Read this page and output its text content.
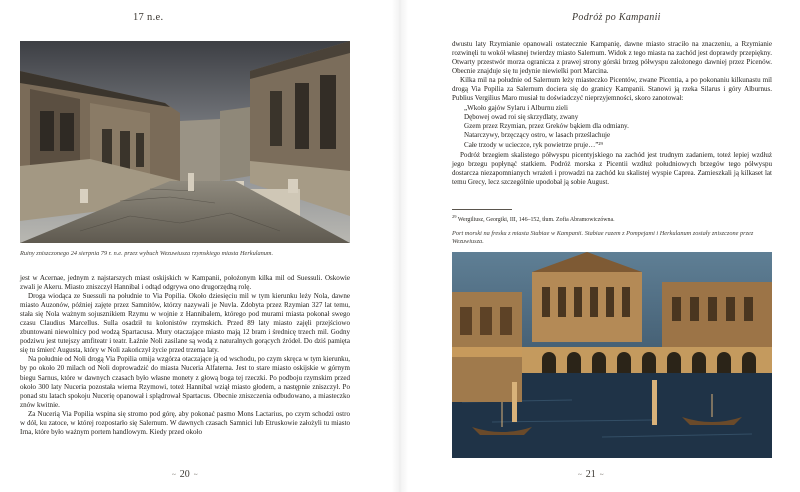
17 n.e.
Ruiny zniszczonego 24 sierpnia 79 r. n.e. przez wybuch Wezuwiusza rzymskiego miasta Herkulanum.

jest w Acernae, jednym z najstarszych miast oskijskich w Kampanii, położonym kilka mil od Suessuli. Oskowie zwali je Akeru. Miasto zniszczył Hannibal i odtąd odgrywa ono drugorzędną rolę.

Droga wiodąca ze Suessuli na południe to Via Popilia. Około dziesięciu mil w tym kierunku leży Nola, dawne miasto Auzonów, później zajęte przez Samnitów, którzy nazywali je Nuvla. Zdobyta przez Rzymian 327 lat temu, stała się Nola ważnym sojusznikiem Rzymu w wojnie z Hannibalem, którego pod murami miasta pokonał swego czasu Claudius Marcellus. Sulla osadził tu kolonistów rzymskich. Przed 89 laty miasto zajęli przejściowo zbuntowani niewolnicy pod wodzą Spartacusa. Mury otaczające miasto mają 12 bram i średnicę trzech mil. Godny podziwu jest tutejszy amfiteatr i teatr. Łaźnie Noli zasilane są wodą z naturalnych gorących źródeł. Do dziś pamięta się tu śmierć Augusta, który w Noli zakończył życie przed trzema laty.

Na południe od Noli drogą Via Popilia omija wzgórza otaczające ją od wschodu, po czym skręca w tym kierunku, by po około 20 milach od Noli doprowadzić do miasta Nuceria Alfaterna. Jest to stare miasto oskijskie w górnym biegu Sarnus, które w dawnych czasach było własne monety z głową boga tej rzeczki. Po podboju rzymskim przed około 300 laty Nuceria pozostała wierna Rzymowi, toteż Hannibal wziął miasto głodem, a następnie zniszczył. Po ponad stu latach spokoju Nucerię opanował i splądrował Spartacus. Obecnie zniszczenia odbudowano, a miasteczko znów kwitnie.

Za Nucerią Via Popilia wspina się stromo pod górę, aby pokonać pasmo Mons Lactarius, po czym schodzi ostro w dół, ku zatoce, w której rozpostarło się Salernum. W dawnych czasach Samnici lub Etruskowie założyli tu miasto Irna, które było ważnym portem handlowym. Kiedy przed około

~ 20 ~
Podróż po Kampanii

dwustu laty Rzymianie opanowali ostatecznie Kampanię, dawne miasto straciło na znaczeniu, a Rzymianie rozwinęli tu wokół własnej twierdzy miasto Salernum. Widok z tego miasta na zachód jest doprawdy przepiękny. Otwarty przestwór morza ogranicza z prawej strony górski brzeg półwyspu założonego dawniej przez Picenów. Obecnie znajduje się tu jedynie niewielki port Marcina.

Kilka mil na południe od Salernum leży miasteczko Picentów, zwane Picentia, a po pokonaniu kilkunastu mil drogą Via Popilia za Salernum dociera się do granicy Kampanii. Stanowi ją rzeka Silarus i góry Alburnus. Publius Vergilius Maro musiał tu doświadczyć nieprzyjemności, skoro zanotował:

„Wkoło gajów Sylaru i Alburnu zieli
Dębowej owad roi się skrzydlaty, zwany
Gzem przez Rzymian, przez Greków bąkiem dla odmiany.
Natarczywy, brzęczący ostro, w lasach prześlachuje
Całe trzody w ucieczce, ryk powietrze pruje…”²⁹

Podróż brzegiem skalistego półwyspu picentyjskiego na zachód jest trudnym zadaniem, toteż lepiej wzdłuż jego brzegu popłynąć statkiem. Podróż morska z Picentii wzdłuż południowych brzegów tego półwyspu dostarcza niezapomnianych wrażeń i prowadzi na zachód ku skalistej wyspie Caprea. Zamieszkali ją kilkaset lat temu Grecy, lecz szczególnie upodobał ją sobie August.

$^{29}$ Wergiliusz, Georgiki, III, 146–152, tłum. Zofia Abramowiczówna.
Port morski na fresku z miasta Stabiae w Kampanii. Stabiae razem z Pompejami i Herkulanum zostały zniszczone przez Wezuwiusza.
~ 21 ~
